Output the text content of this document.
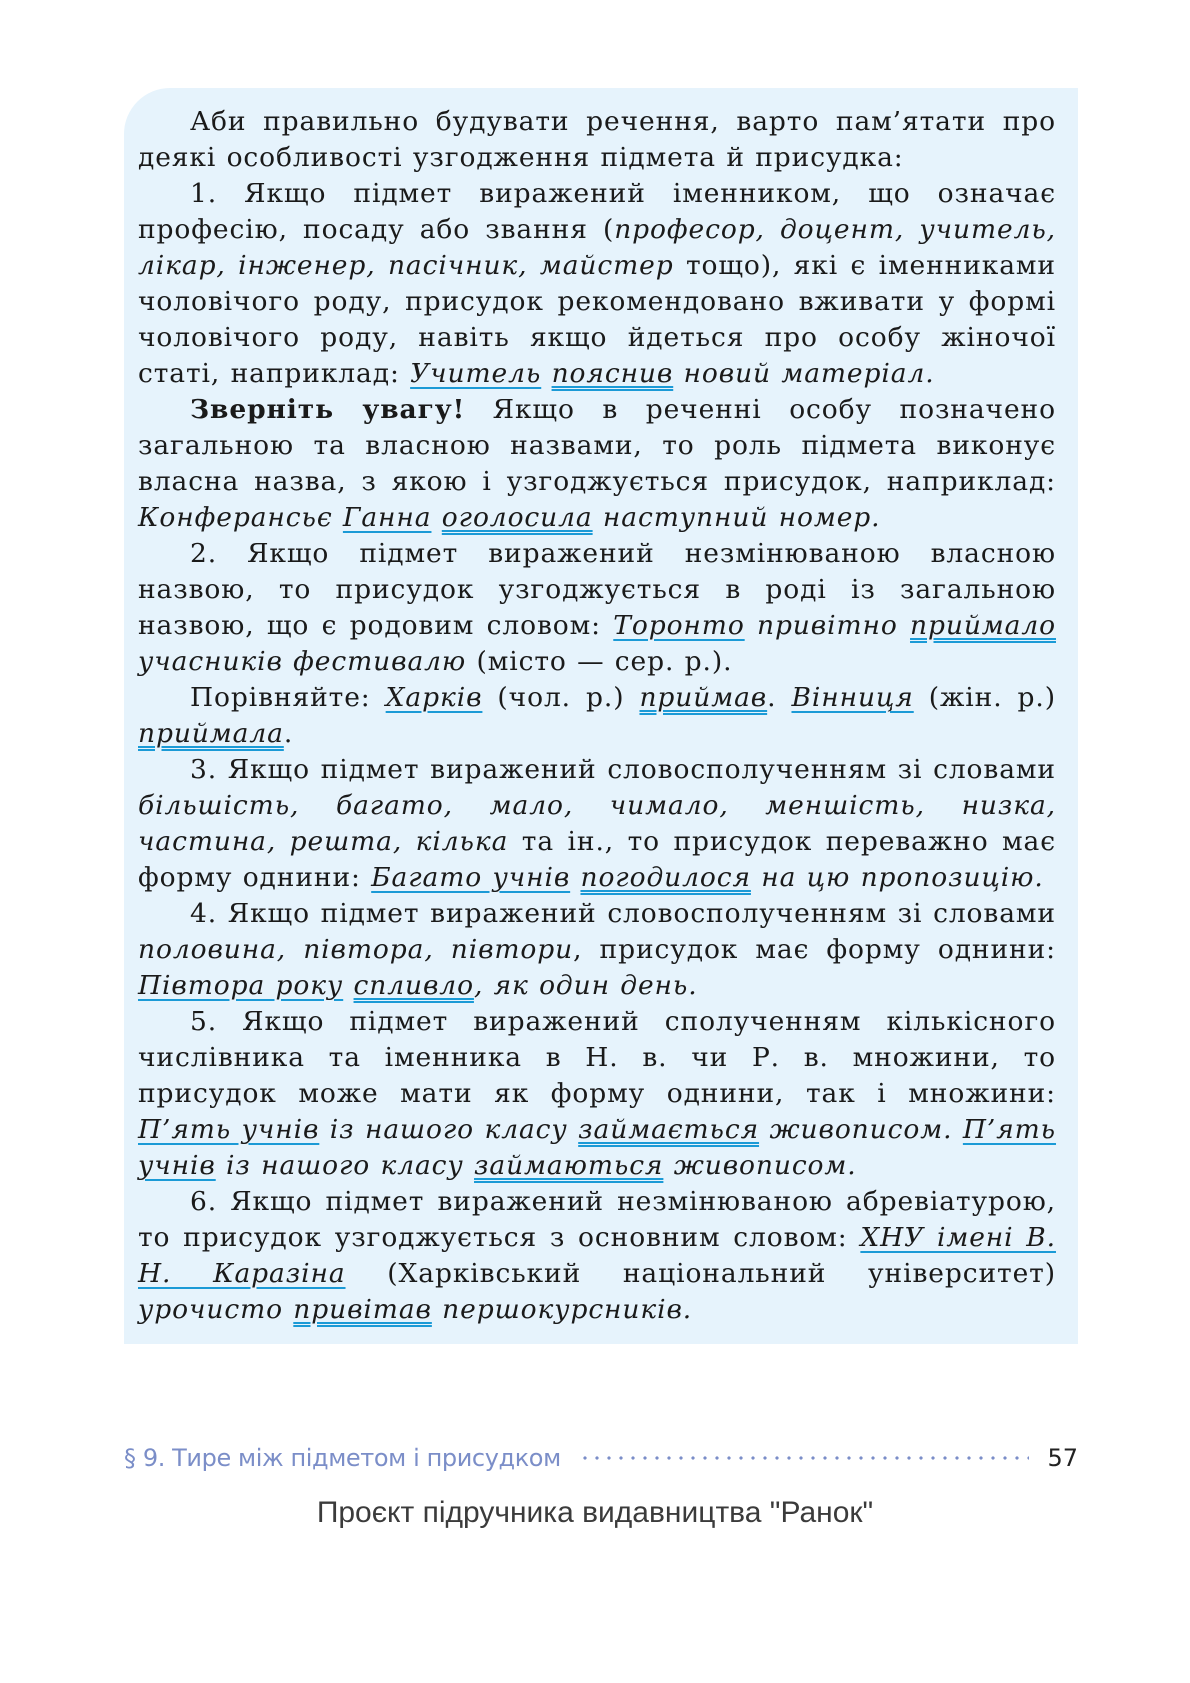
Аби правильно будувати речення, варто пам’ятати про деякі особливості узгодження підмета й присудка:

1. Якщо підмет виражений іменником, що означає професію, посаду або звання (професор, доцент, учитель, лікар, інженер, пасічник, майстер тощо), які є іменниками чоловічого роду, присудок рекомендовано вживати у формі чоловічого роду, навіть якщо йдеться про особу жіночої статі, наприклад: Учитель пояснив новий матеріал.

Зверніть увагу! Якщо в реченні особу позначено загальною та власною назвами, то роль підмета виконує власна назва, з якою і узгоджується присудок, наприклад: Конферансьє Ганна оголосила наступний номер.

2. Якщо підмет виражений незмінюваною власною назвою, то присудок узгоджується в роді із загальною назвою, що є родовим словом: Торонто привітно приймало учасників фестивалю (місто — сер. р.).

Порівняйте: Харків (чол. р.) приймав. Вінниця (жін. р.) приймала.

3. Якщо підмет виражений словосполученням зі словами більшість, багато, мало, чимало, меншість, низка, частина, решта, кілька та ін., то присудок переважно має форму однини: Багато учнів погодилося на цю пропозицію.

4. Якщо підмет виражений словосполученням зі словами половина, півтора, півтори, присудок має форму однини: Півтора року спливло, як один день.

5. Якщо підмет виражений сполученням кількісного числівника та іменника в Н. в. чи Р. в. множини, то присудок може мати як форму однини, так і множини: П’ять учнів із нашого класу займається живописом. П’ять учнів із нашого класу займаються живописом.

6. Якщо підмет виражений незмінюваною абревіатурою, то присудок узгоджується з основним словом: ХНУ імені В. Н. Каразіна (Харківський національний університет) урочисто привітав першокурсників.

§ 9. Тире між підметом і присудком	57
Проєкт підручника видавництва "Ранок"
